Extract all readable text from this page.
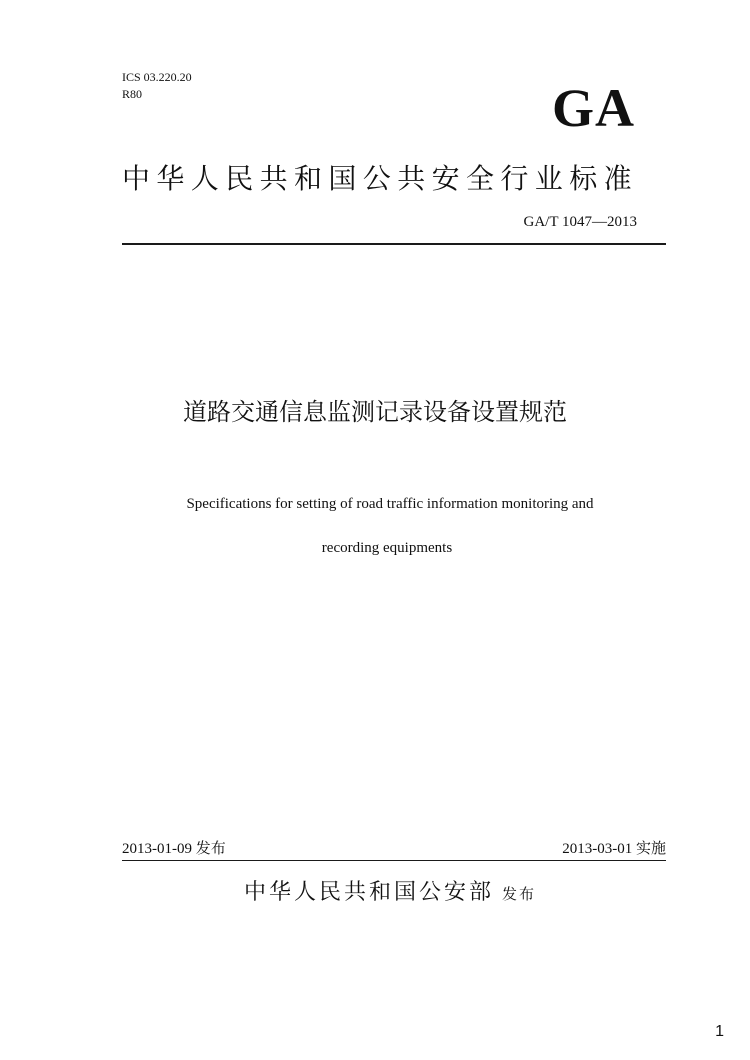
ICS 03.220.20
R80	GA
中华人民共和国公共安全行业标准
GA/T 1047—2013
道路交通信息监测记录设备设置规范
Specifications for setting of road traffic information monitoring and
recording equipments
2013-01-09 发布	2013-03-01 实施
中华人民共和国公安部 发布
1
